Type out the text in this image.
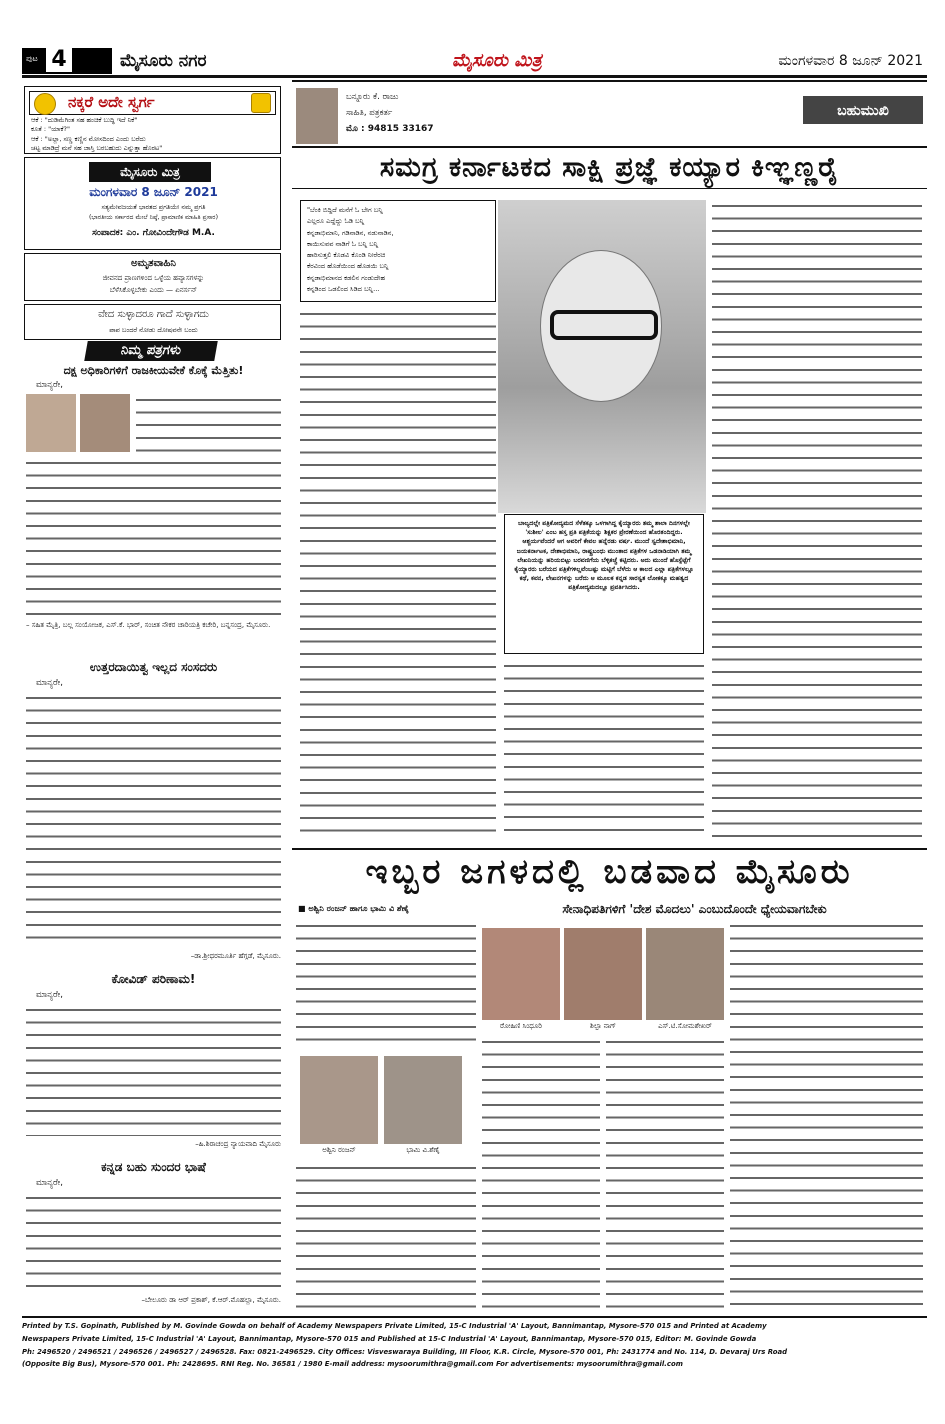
ಪುಟ 4	ಮೈಸೂರು ನಗರ	ಮೈಸೂರು ಮಿತ್ರ	ಮಂಗಳವಾರ 8 ಜೂನ್ 2021
ನಕ್ಕರೆ ಅದೇ ಸ್ವರ್ಗ
ಆಕೆ : "ದುಡಿಮೆಗಿಂತ ಸಹ ಹಂಚಿಕೆ ಬುದ್ಧಿ ಇದೆ ನಿಕೆ"
ಕೂತೆ : "ಯಾಕೆ?"
ಆಕೆ : "ಅಲ್ಲಾ, ಸಣ್ಣ ಕಣ್ಣಿನ ಮೋಸದಿಂದ ಎಂದು ಬರೆದು
ಚಟ್ಟ ಮಾಡಿದ್ರೆ ಮನೆ ಸಹ ಜಾಸ್ತಿ ಬರಬಹುದು ಎನ್ನುತ್ತಾ ಹೊರಟ"
ಮೈಸೂರು ಮಿತ್ರ
ಮಂಗಳವಾರ 8 ಜೂನ್ 2021
ಸತ್ಯಮೇವಜಯತೆ ಭಾರತದ ಪ್ರಗತಿಯೇ ನಮ್ಮ ಪ್ರಗತಿ
(ಭಾರತೀಯ ಸರ್ಕಾರದ ಮೇಲೆ ನಿಷ್ಠೆ, ಪ್ರಾಮಾಣಿಕ ಮಾಹಿತಿ ಪ್ರಸಾರ)
ಸಂಪಾದಕ: ಎಂ. ಗೋವಿಂದೇಗೌಡ M.A.
ಅಮೃತವಾಹಿನಿ
ಜೀವನದ ಪ್ರಾಣಗಳಿಂದ ಒಳ್ಳೆಯ ಹವ್ಯಾಸಗಳನ್ನು
ಬೆಳೆಸಿಕೊಳ್ಳಬೇಕು ಎಂದು — ಏನರ್ಸನ್
ವೇದ ಸುಳ್ಳಾದರೂ ಗಾದೆ ಸುಳ್ಳಾಗದು
ಪಾಪ ಬಂದರೆ ನೋಡು ದೋಷವನೇ ಬಂದು
ನಿಮ್ಮ ಪತ್ರಗಳು
ದಕ್ಷ ಅಧಿಕಾರಿಗಳಿಗೆ ರಾಜಕೀಯವೇಕೆ ಕೊಕ್ಕೆ ಮೆತ್ತಿತು!

ಮಾನ್ಯರೇ,

– ಸಹಿತ ಮೈತ್ರಿ, ಬಲ್ಲ ಸಂಯೋಜಕ, ಎಸ್.ಕೆ. ಭಾರ್, ಸಂಚಿತ ನೌಕರ ಚಾರಿಯತ್ರಿ ಕಚೇರಿ, ಬನ್ನಸಂದ್ರ, ಮೈಸೂರು.

ಉತ್ತರದಾಯಿತ್ವ ಇಲ್ಲದ ಸಂಸದರು

ಮಾನ್ಯರೇ,

–ಡಾ.ಶ್ರೀಧರಮೂರ್ತಿ ಹೆಗ್ಗಡೆ, ಮೈಸೂರು.

ಕೋವಿಡ್ ಪರಿಣಾಮ!

ಮಾನ್ಯರೇ,

–ಹಿ.ಶಿರಾಚಂದ್ರ ನ್ಯಾಯವಾದಿ ಮೈಸೂರು

ಕನ್ನಡ ಬಹು ಸುಂದರ ಭಾಷೆ

ಮಾನ್ಯರೇ,

–ಬೇಲೂರು ಡಾ ಆರ್ ಪ್ರಕಾಶ್, ಕೆ.ಆರ್.ಮೊಹಲ್ಲಾ, ಮೈಸೂರು.

ಬನ್ನೂರು ಕೆ. ರಾಜು
ಸಾಹಿತಿ, ಪತ್ರಕರ್ತ
ಮೊ : 94815 33167
ಬಹುಮುಖಿ
ಸಮಗ್ರ ಕರ್ನಾಟಕದ ಸಾಕ್ಷಿ ಪ್ರಜ್ಞೆ ಕಯ್ಯಾರ ಕಿಞ್ಞಣ್ಣರೈ
"ಬೆಂಕಿ ಬಿದ್ದಿದೆ ಮನೆಗೆ ಓ ಬೇಗ ಬನ್ನಿ
ಎಲ್ಲರೂ ಎದ್ದೆದ್ದು ಓಡಿ ಬನ್ನಿ
ಕನ್ನಡಾಭಿಮಾನಿ, ಗಡಿನಾಡಿನ, ನಡುನಾಡಿನ,
ಕಾಯಿಸುವವ ನಾಡಿಗೆ ಓ ಬನ್ನಿ ಬನ್ನಿ
ಹಾರಿಸುತ್ತಲಿ ಕೊಡವಿ ಕೊಂಡಿ ನೀರೆರಚಿ
ಕೆರವಿಂದ ಹೊಡೆಯಿಂದ ಹೊಡಯಿ ಬನ್ನಿ
ಕನ್ನಡಾಭಿಮಾನದ ಕಡಲಿನ ಗಂಡುದೇಹ
ಕನ್ನಡಿಂದ ಒಡಲಿಂದ ಸಿಡಿದ ಬನ್ನಿ...

ಬಾಲ್ಯದಲ್ಲೇ ಪತ್ರಿಕೋದ್ಯಮದ ಸೆಳೆತಕ್ಕೂ ಒಳಗಾಗಿದ್ದ ಕೈಯ್ಯಾರರು ತಮ್ಮ ಶಾಲಾ ದಿನಗಳಲ್ಲೇ 'ಸುಶೀಲ' ಎಂಬ ಹಸ್ತ ಪ್ರತಿ ಪತ್ರಿಕೆಯನ್ನು ಶಿಕ್ಷಕರ ಪ್ರೇರಣೆಯಿಂದ ಹೊರತಂದಿದ್ದರು. ಆಶ್ಚರ್ಯವೆಂದರೆ ಆಗ ಅವರಿಗೆ ಕೇವಲ ಹನ್ನೆರಡು ವರ್ಷ. ಮುಂದೆ ಸ್ವದೇಶಾಭಿಮಾನಿ, ಜಯಕರ್ನಾಟಕ, ದೇಶಾಭಿಮಾನಿ, ರಾಷ್ಟ್ರಬಂಧು ಮುಂತಾದ ಪತ್ರಿಕೆಗಳ ಒಡನಾಡಿಯಾಗಿ ತಮ್ಮ ಲೇಖನಿಯನ್ನು ಹರಿಯಬಿಟ್ಟು ಬರವಣಿಗೆಯ ಬೆಳ್ಳಿಕಚ್ಚೆ ಕಟ್ಟಿದರು. ಅದು ಮುಂದೆ ಹೊಸ್ಪೆಟ್ಟೆಗೆ ಕೈಯ್ಯಾರರು ಬರೆಯದ ಪತ್ರಿಕೆಗಳಿಲ್ಲವೆಂಬಷ್ಟು ಮಟ್ಟಿಗೆ ಬೆಳೆದು ಆ ಕಾಲದ ಎಲ್ಲಾ ಪತ್ರಿಕೆಗಳಲ್ಲೂ ಕಥೆ, ಕವನ, ಲೇಖನಗಳನ್ನು ಬರೆದು ಆ ಮೂಲಕ ಕನ್ನಡ ಸಾರಸ್ವತ ಲೋಕಕ್ಕೂ ಮಹತ್ವದ ಪತ್ರಿಕೋದ್ಯಮದಲ್ಲೂ ಪ್ರವರ್ತಿಸಿದರು.

ಇಬ್ಬರ ಜಗಳದಲ್ಲಿ ಬಡವಾದ ಮೈಸೂರು
■ ಅಶ್ವಿನಿ ರಂಜನ್ ಹಾಗೂ ಭಾಮಿ ವಿ ಶೆಣೈ	ಸೇನಾಧಿಪತಿಗಳಿಗೆ 'ದೇಶ ಮೊದಲು' ಎಂಬುದೊಂದೇ ಧ್ಯೇಯವಾಗಬೇಕು
ರೋಹಿಣಿ ಸಿಂಧೂರಿ	ಶಿಲ್ಪಾ ನಾಗ್	ಎಸ್.ಟಿ.ಸೋಮಶೇಖರ್
ಅಶ್ವಿನಿ ರಂಜನ್	ಭಾಮಿ ವಿ.ಶೆಣೈ
Printed by T.S. Gopinath, Published by M. Govinde Gowda on behalf of Academy Newspapers Private Limited, 15-C Industrial 'A' Layout, Bannimantap, Mysore-570 015 and Printed at Academy
Newspapers Private Limited, 15-C Industrial 'A' Layout, Bannimantap, Mysore-570 015 and Published at 15-C Industrial 'A' Layout, Bannimantap, Mysore-570 015, Editor: M. Govinde Gowda
Ph: 2496520 / 2496521 / 2496526 / 2496527 / 2496528. Fax: 0821-2496529. City Offices: Visveswaraya Building, III Floor, K.R. Circle, Mysore-570 001, Ph: 2431774 and No. 114, D. Devaraj Urs Road
(Opposite Big Bus), Mysore-570 001. Ph: 2428695. RNI Reg. No. 36581 / 1980 E-mail address: mysoorumithra@gmail.com For advertisements: mysoorumithra@gmail.com
